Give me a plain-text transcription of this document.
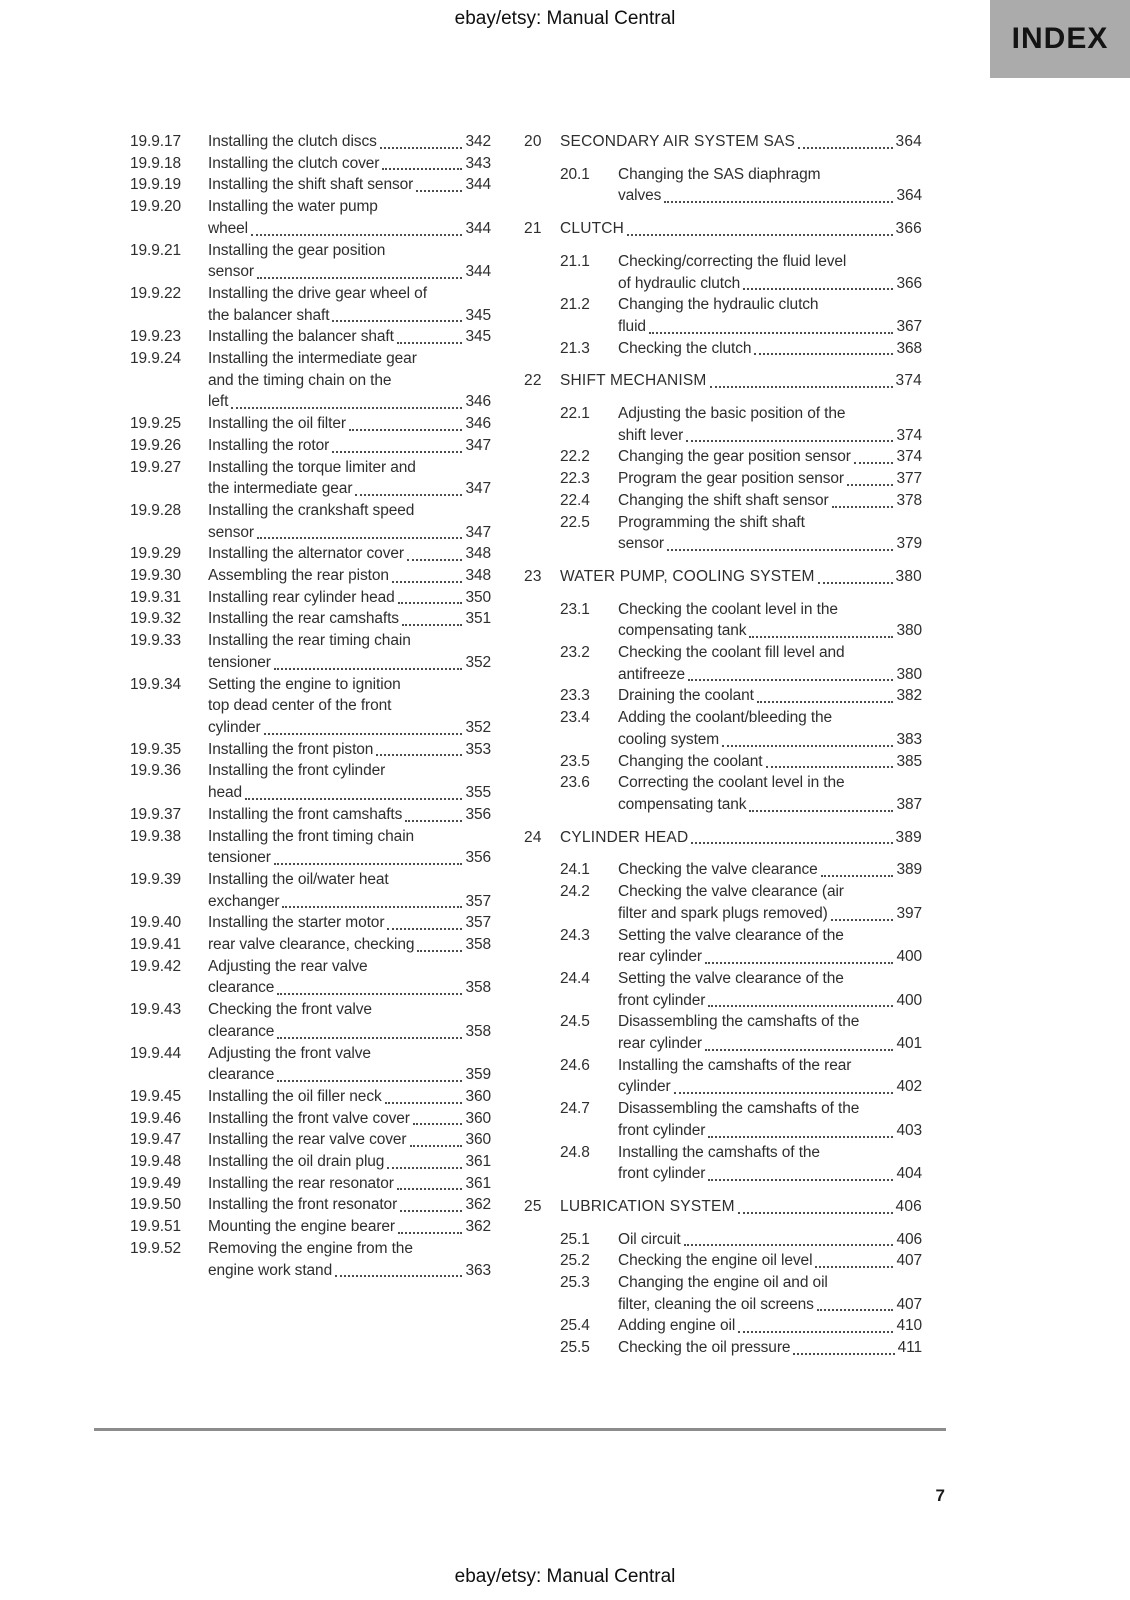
ebay/etsy: Manual Central
INDEX
19.9.17	Installing the clutch discs	342
19.9.18	Installing the clutch cover	343
19.9.19	Installing the shift shaft sensor	344
19.9.20	Installing the water pump
wheel	344
19.9.21	Installing the gear position
sensor	344
19.9.22	Installing the drive gear wheel of
the balancer shaft	345
19.9.23	Installing the balancer shaft	345
19.9.24	Installing the intermediate gear
and the timing chain on the
left	346
19.9.25	Installing the oil filter	346
19.9.26	Installing the rotor	347
19.9.27	Installing the torque limiter and
the intermediate gear	347
19.9.28	Installing the crankshaft speed
sensor	347
19.9.29	Installing the alternator cover	348
19.9.30	Assembling the rear piston	348
19.9.31	Installing rear cylinder head	350
19.9.32	Installing the rear camshafts	351
19.9.33	Installing the rear timing chain
tensioner	352
19.9.34	Setting the engine to ignition
top dead center of the front
cylinder	352
19.9.35	Installing the front piston	353
19.9.36	Installing the front cylinder
head	355
19.9.37	Installing the front camshafts	356
19.9.38	Installing the front timing chain
tensioner	356
19.9.39	Installing the oil/water heat
exchanger	357
19.9.40	Installing the starter motor	357
19.9.41	rear valve clearance, checking	358
19.9.42	Adjusting the rear valve
clearance	358
19.9.43	Checking the front valve
clearance	358
19.9.44	Adjusting the front valve
clearance	359
19.9.45	Installing the oil filler neck	360
19.9.46	Installing the front valve cover	360
19.9.47	Installing the rear valve cover	360
19.9.48	Installing the oil drain plug	361
19.9.49	Installing the rear resonator	361
19.9.50	Installing the front resonator	362
19.9.51	Mounting the engine bearer	362
19.9.52	Removing the engine from the
engine work stand	363
20	SECONDARY AIR SYSTEM SAS	364
20.1	Changing the SAS diaphragm
valves	364
21	CLUTCH	366
21.1	Checking/correcting the fluid level
of hydraulic clutch	366
21.2	Changing the hydraulic clutch
fluid	367
21.3	Checking the clutch	368
22	SHIFT MECHANISM	374
22.1	Adjusting the basic position of the
shift lever	374
22.2	Changing the gear position sensor	374
22.3	Program the gear position sensor	377
22.4	Changing the shift shaft sensor	378
22.5	Programming the shift shaft
sensor	379
23	WATER PUMP, COOLING SYSTEM	380
23.1	Checking the coolant level in the
compensating tank	380
23.2	Checking the coolant fill level and
antifreeze	380
23.3	Draining the coolant	382
23.4	Adding the coolant/bleeding the
cooling system	383
23.5	Changing the coolant	385
23.6	Correcting the coolant level in the
compensating tank	387
24	CYLINDER HEAD	389
24.1	Checking the valve clearance	389
24.2	Checking the valve clearance (air
filter and spark plugs removed)	397
24.3	Setting the valve clearance of the
rear cylinder	400
24.4	Setting the valve clearance of the
front cylinder	400
24.5	Disassembling the camshafts of the
rear cylinder	401
24.6	Installing the camshafts of the rear
cylinder	402
24.7	Disassembling the camshafts of the
front cylinder	403
24.8	Installing the camshafts of the
front cylinder	404
25	LUBRICATION SYSTEM	406
25.1	Oil circuit	406
25.2	Checking the engine oil level	407
25.3	Changing the engine oil and oil
filter, cleaning the oil screens	407
25.4	Adding engine oil	410
25.5	Checking the oil pressure	411
7
ebay/etsy: Manual Central
